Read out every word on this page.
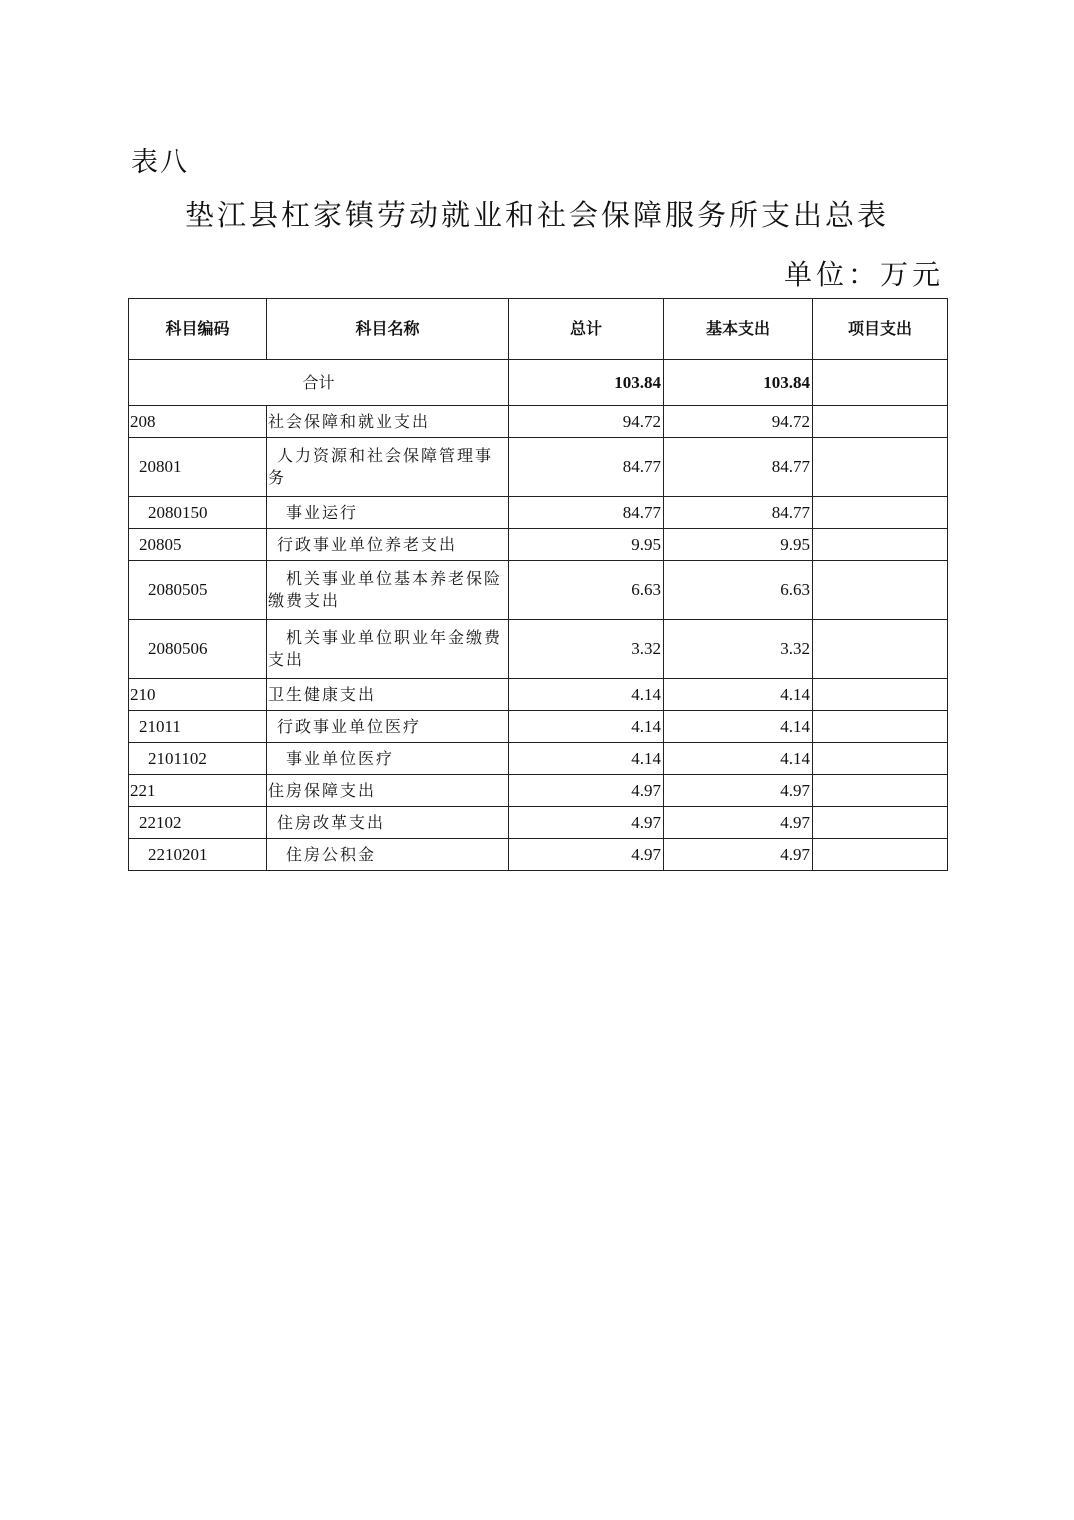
表八
垫江县杠家镇劳动就业和社会保障服务所支出总表
单位：万元
科目编码	科目名称	总计	基本支出	项目支出
合计		103.84	103.84	
208	社会保障和就业支出	94.72	94.72	
20801	人力资源和社会保障管理事务	84.77	84.77	
2080150	事业运行	84.77	84.77	
20805	行政事业单位养老支出	9.95	9.95	
2080505	机关事业单位基本养老保险缴费支出	6.63	6.63	
2080506	机关事业单位职业年金缴费支出	3.32	3.32	
210	卫生健康支出	4.14	4.14	
21011	行政事业单位医疗	4.14	4.14	
2101102	事业单位医疗	4.14	4.14	
221	住房保障支出	4.97	4.97	
22102	住房改革支出	4.97	4.97	
2210201	住房公积金	4.97	4.97	
